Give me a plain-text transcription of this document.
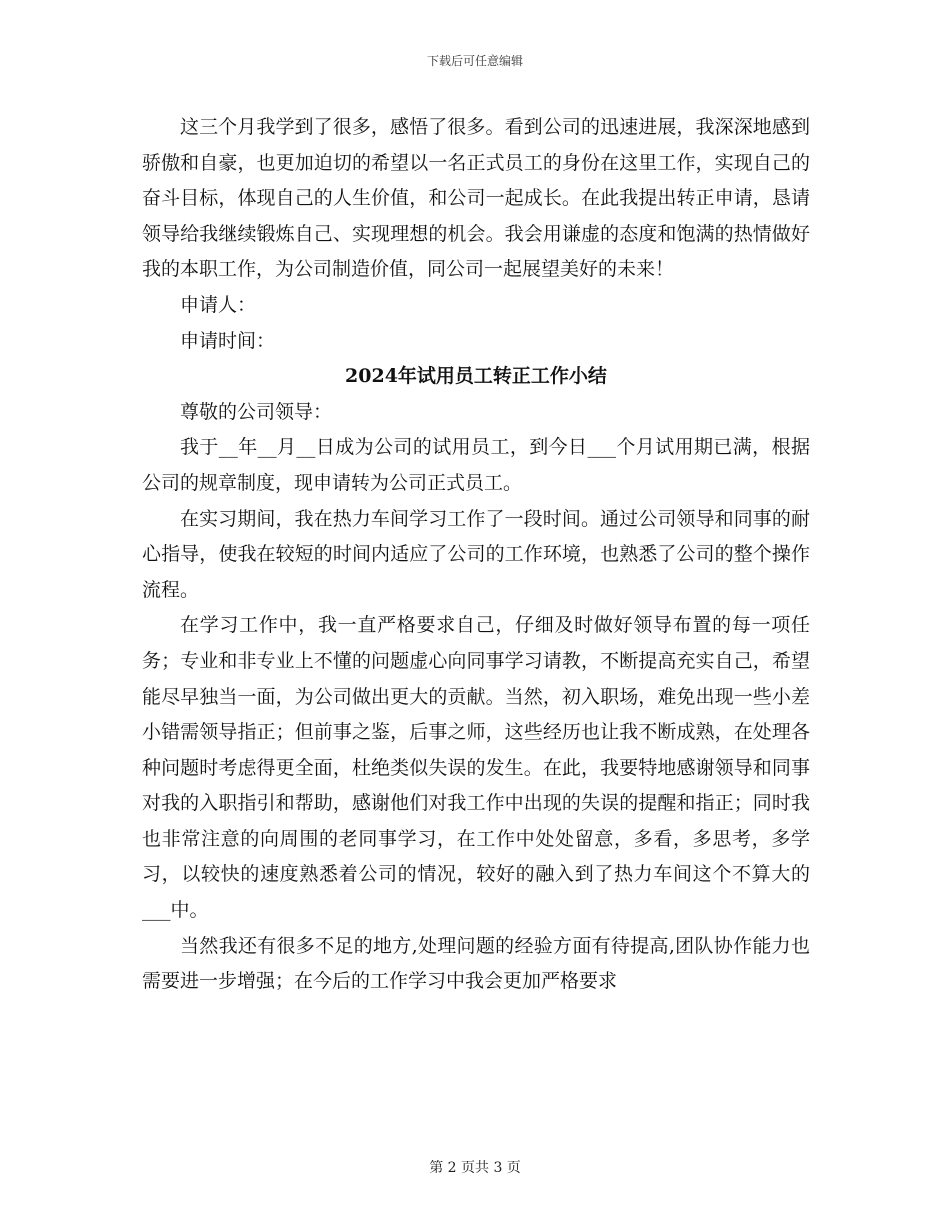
下载后可任意编辑

这三个月我学到了很多，感悟了很多。看到公司的迅速进展，我深深地感到骄傲和自豪，也更加迫切的希望以一名正式员工的身份在这里工作，实现自己的奋斗目标，体现自己的人生价值，和公司一起成长。在此我提出转正申请，恳请领导给我继续锻炼自己、实现理想的机会。我会用谦虚的态度和饱满的热情做好我的本职工作，为公司制造价值，同公司一起展望美好的未来！

申请人：

申请时间：

2024年试用员工转正工作小结

尊敬的公司领导：

我于__年__月__日成为公司的试用员工，到今日___个月试用期已满，根据公司的规章制度，现申请转为公司正式员工。

在实习期间，我在热力车间学习工作了一段时间。通过公司领导和同事的耐心指导，使我在较短的时间内适应了公司的工作环境，也熟悉了公司的整个操作流程。

在学习工作中，我一直严格要求自己，仔细及时做好领导布置的每一项任务；专业和非专业上不懂的问题虚心向同事学习请教，不断提高充实自己，希望能尽早独当一面，为公司做出更大的贡献。当然，初入职场，难免出现一些小差小错需领导指正；但前事之鉴，后事之师，这些经历也让我不断成熟，在处理各种问题时考虑得更全面，杜绝类似失误的发生。在此，我要特地感谢领导和同事对我的入职指引和帮助，感谢他们对我工作中出现的失误的提醒和指正；同时我也非常注意的向周围的老同事学习，在工作中处处留意，多看，多思考，多学习，以较快的速度熟悉着公司的情况，较好的融入到了热力车间这个不算大的___中。

当然我还有很多不足的地方,处理问题的经验方面有待提高,团队协作能力也需要进一步增强；在今后的工作学习中我会更加严格要求

第 2 页共 3 页
